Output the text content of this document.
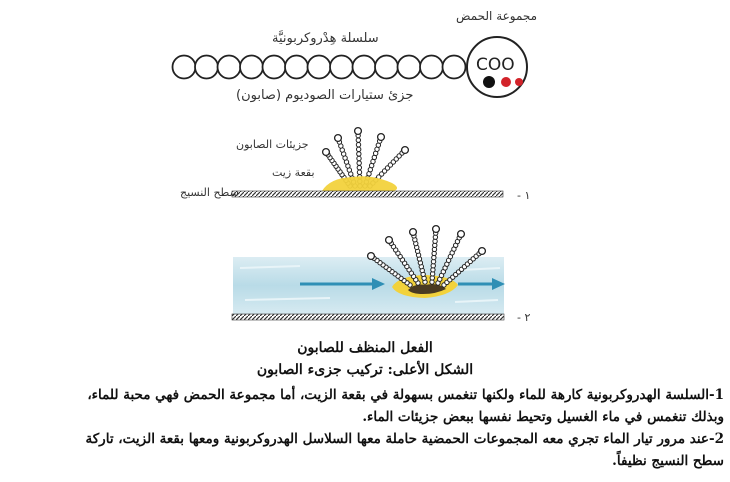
COO
مجموعة الحمض
سلسلة هِدْروكربونيَّة
جزئ ستيارات الصوديوم (صابون)
جزيئات الصابون
بقعة زيت
سطح النسيج	١ -
٢ -
الفعل المنظف للصابون
الشكل الأعلى: تركيب جزىء الصابون

1-السلسة الهدروكربونية كارهة للماء ولكنها تنغمس بسهولة في بقعة الزيت، أما مجموعة الحمض فهي محبة للماء،

وبذلك تنغمس في ماء الغسيل وتحيط نفسها ببعض جزيئات الماء.

2-عند مرور تيار الماء تجري معه المجموعات الحمضية حاملة معها السلاسل الهدروكربونية ومعها بقعة الزيت، تاركة

سطح النسيج نظيفاً.
